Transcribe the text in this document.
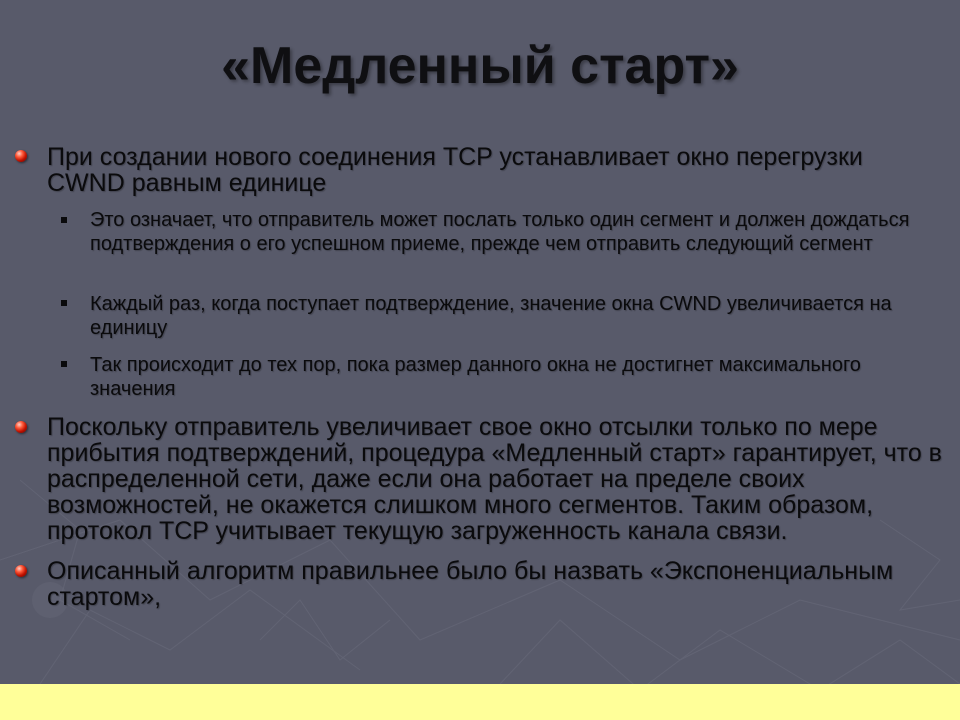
«Медленный старт»
При создании нового соединения TCP устанавливает окно перегрузки CWND равным единице
Это означает, что отправитель может послать только один сегмент и должен дождаться подтверждения о его успешном приеме, прежде чем отправить следующий сегмент
Каждый раз, когда поступает подтверждение, значение окна CWND увеличивается на единицу
Так происходит до тех пор, пока размер данного окна не достигнет максимального значения
Поскольку отправитель увеличивает свое окно отсылки только по мере прибытия подтверждений, процедура «Медленный старт» гарантирует, что в распределенной сети, даже если она работает на пределе своих возможностей, не окажется слишком много сегментов. Таким образом, протокол TCP учитывает текущую загруженность канала связи.
Описанный алгоритм правильнее было бы назвать «Экспоненциальным стартом»,
